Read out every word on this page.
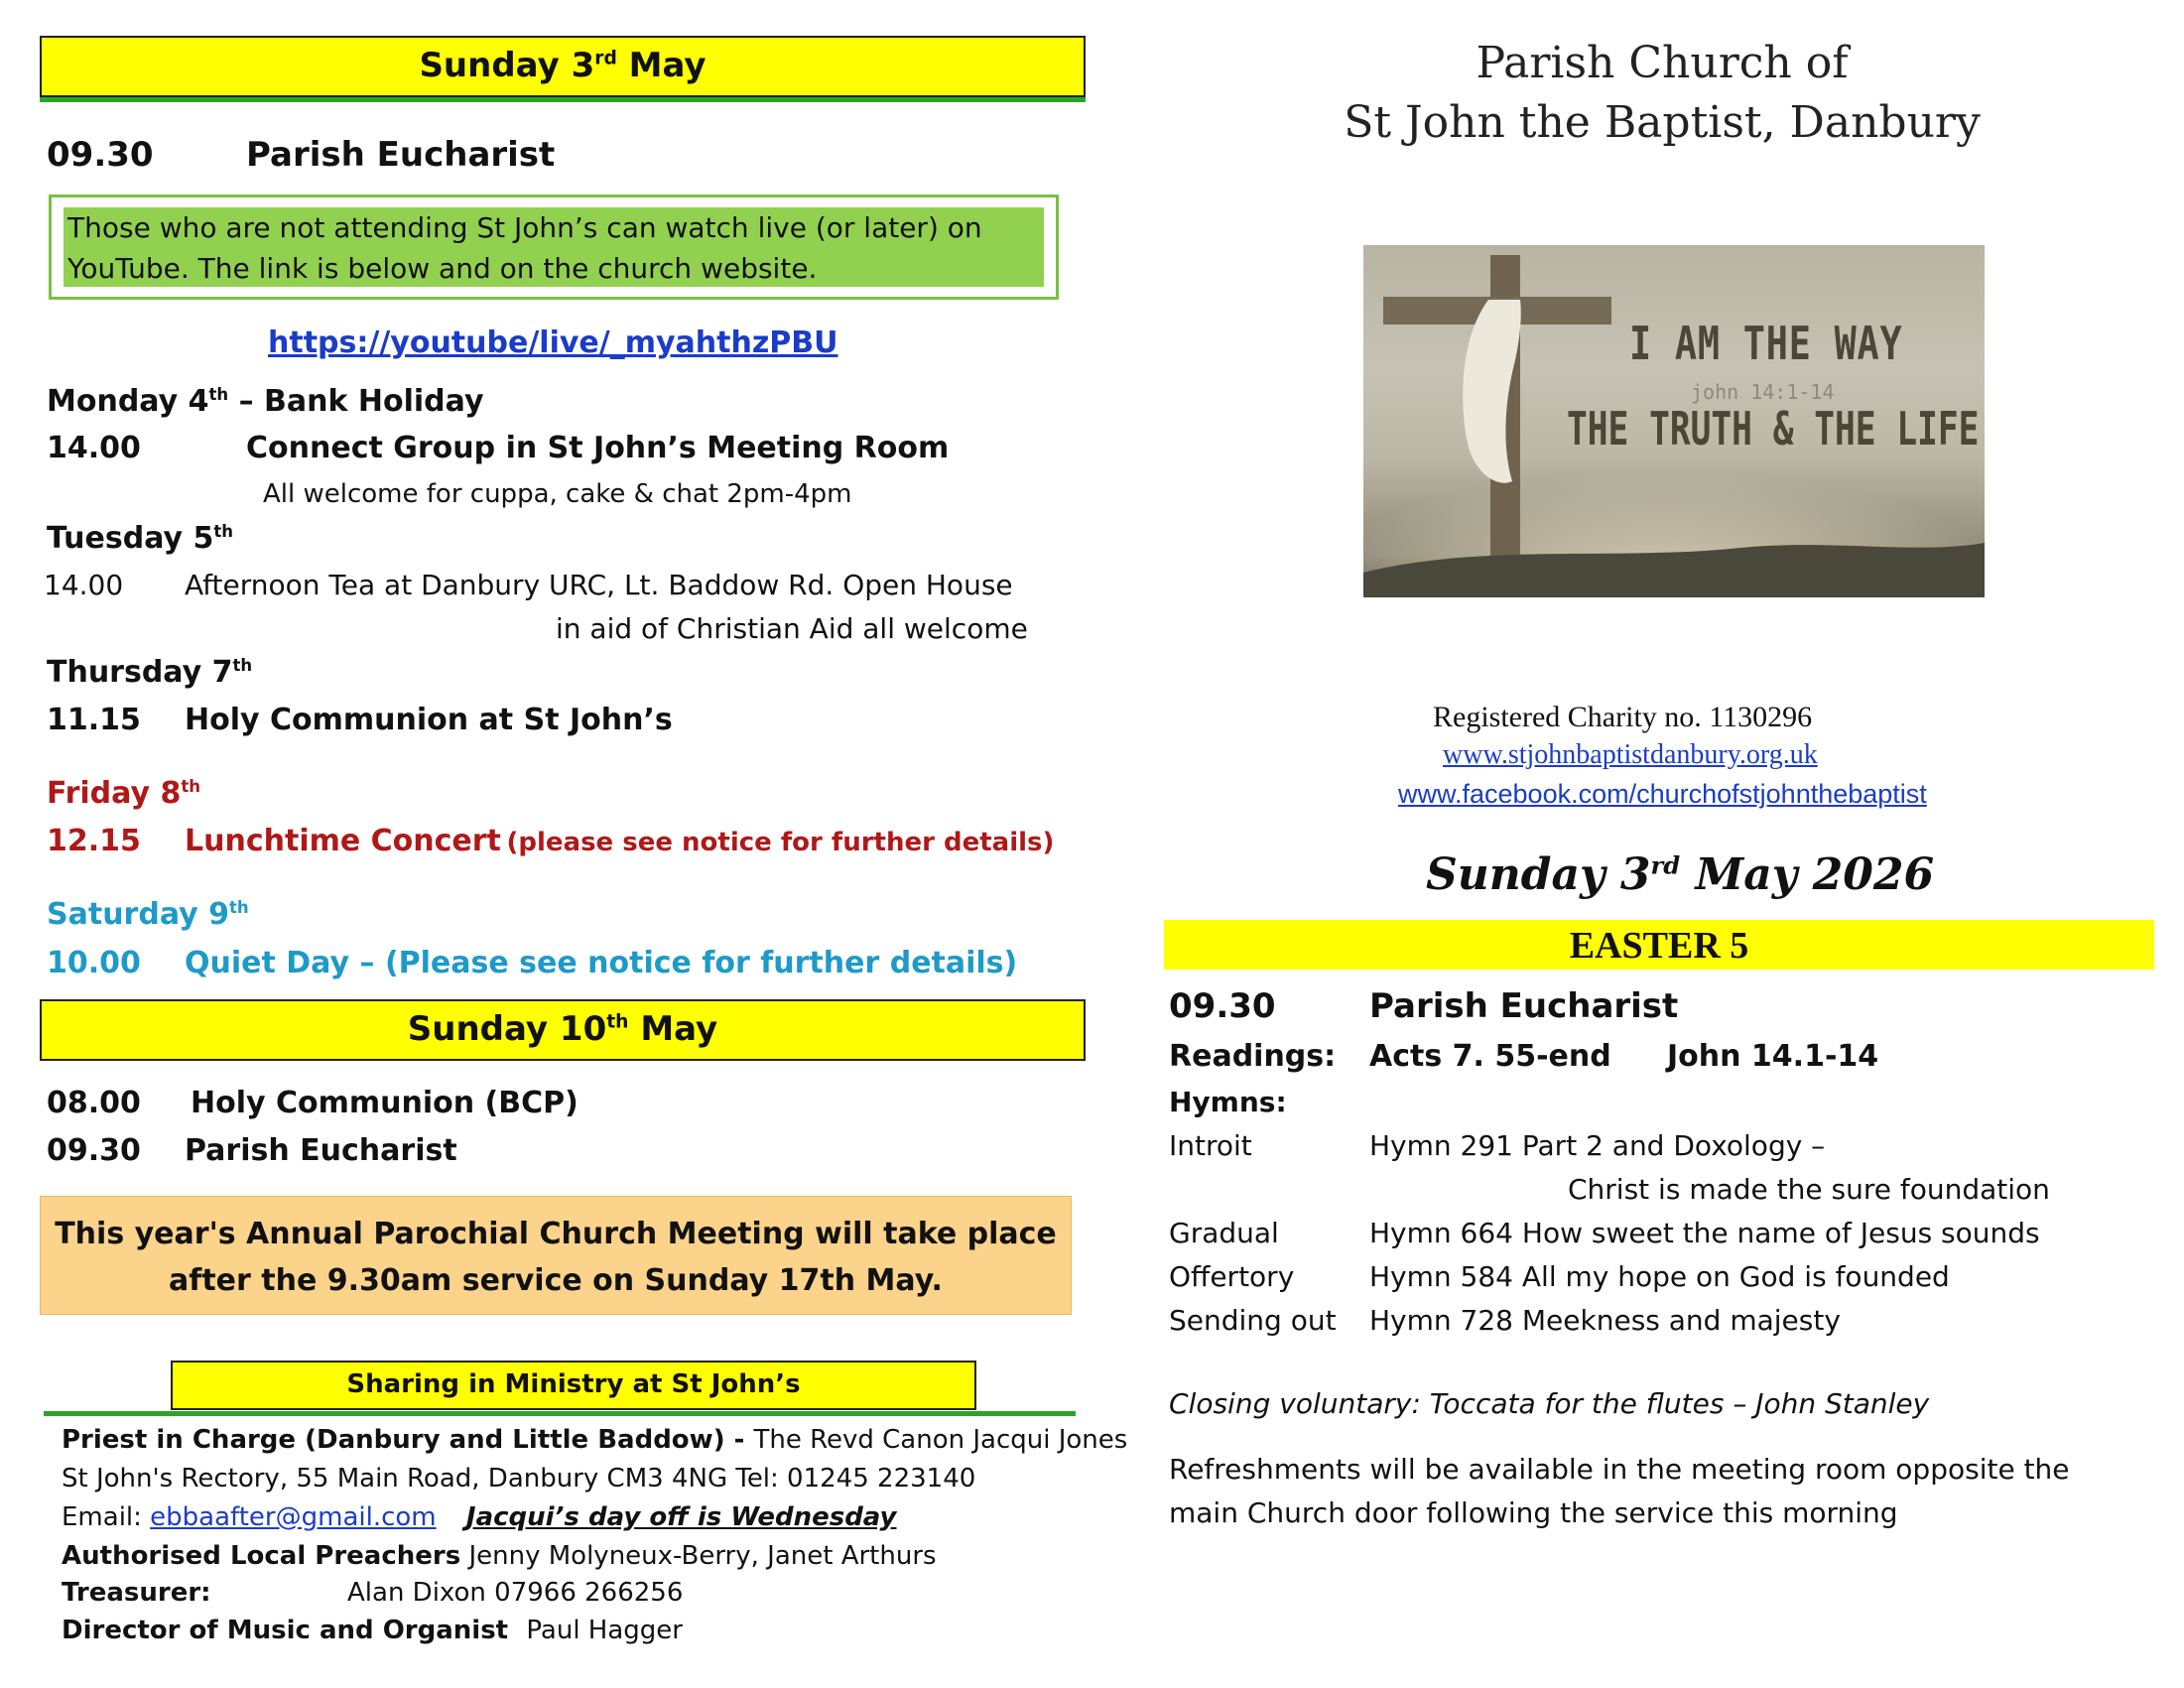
Sunday 3rd May
09.30	Parish Eucharist
Those who are not attending St John’s can watch live (or later) on
YouTube. The link is below and on the church website.
https://youtube/live/_myahthzPBU
Monday 4th – Bank Holiday
14.00	Connect Group in St John’s Meeting Room
All welcome for cuppa, cake & chat 2pm-4pm
Tuesday 5th
14.00 Afternoon Tea at Danbury URC, Lt. Baddow Rd. Open House
in aid of Christian Aid all welcome
Thursday 7th
11.15 Holy Communion at St John’s
Friday 8th
12.15 Lunchtime Concert (please see notice for further details)
Saturday 9th
10.00 Quiet Day – (Please see notice for further details)
Sunday 10th May
08.00 Holy Communion (BCP)
09.30 Parish Eucharist
This year's Annual Parochial Church Meeting will take place
after the 9.30am service on Sunday 17th May.
Sharing in Ministry at St John’s
Priest in Charge (Danbury and Little Baddow) - The Revd Canon Jacqui Jones
St John's Rectory, 55 Main Road, Danbury CM3 4NG Tel: 01245 223140
Email: ebbaafter@gmail.com Jacqui’s day off is Wednesday
Authorised Local Preachers Jenny Molyneux-Berry, Janet Arthurs
Treasurer:	Alan Dixon 07966 266256
Director of Music and Organist Paul Hagger
Parish Church of
St John the Baptist, Danbury
I AM THE WAY
john 14:1-14
THE TRUTH & THE LIFE
Registered Charity no. 1130296
www.stjohnbaptistdanbury.org.uk
www.facebook.com/churchofstjohnthebaptist
Sunday 3rd May 2026
EASTER 5
09.30	Parish Eucharist
Readings: Acts 7. 55-end John 14.1-14
Hymns:
Introit	Hymn 291 Part 2 and Doxology –
Christ is made the sure foundation
Gradual	Hymn 664 How sweet the name of Jesus sounds
Offertory	Hymn 584 All my hope on God is founded
Sending out Hymn 728 Meekness and majesty
Closing voluntary: Toccata for the flutes – John Stanley
Refreshments will be available in the meeting room opposite the
main Church door following the service this morning
